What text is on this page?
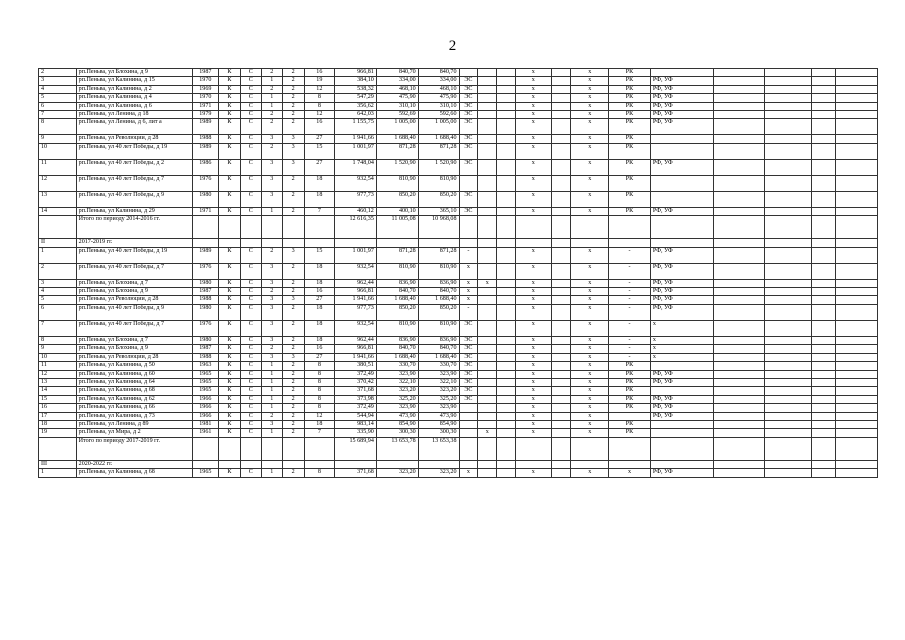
2
2	рп.Пеньва, ул Блохина, д 9	1987	К	С	2	2	16	966,81	840,70	840,70				x		x	РК					
3	рп.Пеньва, ул Калинина, д 15	1970	К	С	1	2	19	384,10	334,00	334,00	ЭС			x		x	РК	РФ, УФ				
4	рп.Пеньва, ул Калинина, д 2	1969	К	С	2	2	12	538,32	468,10	468,10	ЭС			x		x	РК	РФ, УФ				
5	рп.Пеньва, ул Калинина, д 4	1970	К	С	1	2	8	547,29	475,90	475,90	ЭС			x		x	РК	РФ, УФ				
6	рп.Пеньва, ул Калинина, д 6	1971	К	С	1	2	8	356,62	310,10	310,10	ЭС			x		x	РК	РФ, УФ				
7	рп.Пеньва, ул Ленина, д 18	1979	К	С	2	2	12	642,03	592,69	592,60	ЭС			x		x	РК	РФ, УФ				
8	рп.Пеньва, ул Ленина, д 6, лит а	1989	К	С	2	2	16	1 155,75	1 005,00	1 005,00	ЭС			x		x	РК	РФ, УФ				
9	рп.Пеньва, ул Революции, д 28	1988	К	С	3	3	27	1 941,66	1 688,40	1 688,40	ЭС			x		x	РК					
10	рп.Пеньва, ул 40 лет Победы, д 19	1989	К	С	2	3	15	1 001,97	871,28	871,28	ЭС			x		x	РК					
11	рп.Пеньва, ул 40 лет Победы, д 2	1986	К	С	3	3	27	1 748,04	1 520,90	1 520,90	ЭС			x		x	РК	РФ, УФ				
12	рп.Пеньва, ул 40 лет Победы, д 7	1976	К	С	3	2	18	932,54	810,90	810,90				x		x	РК					
13	рп.Пеньва, ул 40 лет Победы, д 9	1980	К	С	3	2	18	977,73	850,20	850,20	ЭС			x		x	РК					
14	рп.Пеньва, ул Калинина, д 29	1971	К	С	1	2	7	460,12	400,10	365,10	ЭС			x		x	РК	РФ, УФ				
	Итого по периоду 2014-2016 гг.							12 616,35	11 005,08	10 968,08												
II	2017-2019 гг.																					
1	рп.Пеньва, ул 40 лет Победы, д 19	1989	К	С	2	3	15	1 001,97	871,28	871,28	-			x		x	-	РФ, УФ				
2	рп.Пеньва, ул 40 лет Победы, д 7	1976	К	С	3	2	18	932,54	810,90	810,90	x			x		x	-	РФ, УФ				
3	рп.Пеньва, ул Блохина, д 7	1980	К	С	3	2	18	962,44	836,90	836,90	x	x		x		x	-	РФ, УФ				
4	рп.Пеньва, ул Блохина, д 9	1987	К	С	2	2	16	966,81	840,70	840,70	x			x		x	-	РФ, УФ				
5	рп.Пеньва, ул Революции, д 28	1988	К	С	3	3	27	1 941,66	1 688,40	1 688,40	x			x		x	-	РФ, УФ				
6	рп.Пеньва, ул 40 лет Победы, д 9	1980	К	С	3	2	18	977,73	850,20	850,20	-			x		x	-	РФ, УФ				
7	рп.Пеньва, ул 40 лет Победы, д 7	1976	К	С	3	2	18	932,54	810,90	810,90	ЭС			x		x	-	x				
8	рп.Пеньва, ул Блохина, д 7	1980	К	С	3	2	18	962,44	836,90	836,90	ЭС			x		x	-	x				
9	рп.Пеньва, ул Блохина, д 9	1987	К	С	2	2	16	966,81	840,70	840,70	ЭС			x		x	-	x				
10	рп.Пеньва, ул Революции, д 28	1988	К	С	3	3	27	1 941,66	1 688,40	1 688,40	ЭС			x		x	-	x				
11	рп.Пеньва, ул Калинина, д 50	1963	К	С	1	2	8	380,51	330,70	330,70	ЭС			x		x	РК					
12	рп.Пеньва, ул Калинина, д 60	1965	К	С	1	2	8	372,49	323,90	323,90	ЭС			x		x	РК	РФ, УФ				
13	рп.Пеньва, ул Калинина, д 64	1965	К	С	1	2	8	370,42	322,10	322,10	ЭС			x		x	РК	РФ, УФ				
14	рп.Пеньва, ул Калинина, д 68	1965	К	С	1	2	8	371,68	323,20	323,20	ЭС			x		x	РК					
15	рп.Пеньва, ул Калинина, д 62	1966	К	С	1	2	8	373,98	325,20	325,20	ЭС			x		x	РК	РФ, УФ				
16	рп.Пеньва, ул Калинина, д 66	1966	К	С	1	2	8	372,49	323,90	323,90				x		x	РК	РФ, УФ				
17	рп.Пеньва, ул Калинина, д 73	1966	К	С	2	2	12	544,94	473,90	473,90				x		x		РФ, УФ				
18	рп.Пеньва, ул Ленина, д 89	1981	К	С	3	2	18	983,14	854,90	854,90				x		x	РК					
19	рп.Пеньва, ул Мира, д 2	1961	К	С	1	2	7	335,90	300,30	300,30		x		x		x	РК					
	Итого по периоду 2017-2019 гг.							15 689,94	13 653,78	13 653,38												
III	2020-2022 гг.																					
1	рп.Пеньва, ул Калинина, д 68	1965	К	С	1	2	8	371,68	323,20	323,20	x			x		x	x	РФ, УФ				
